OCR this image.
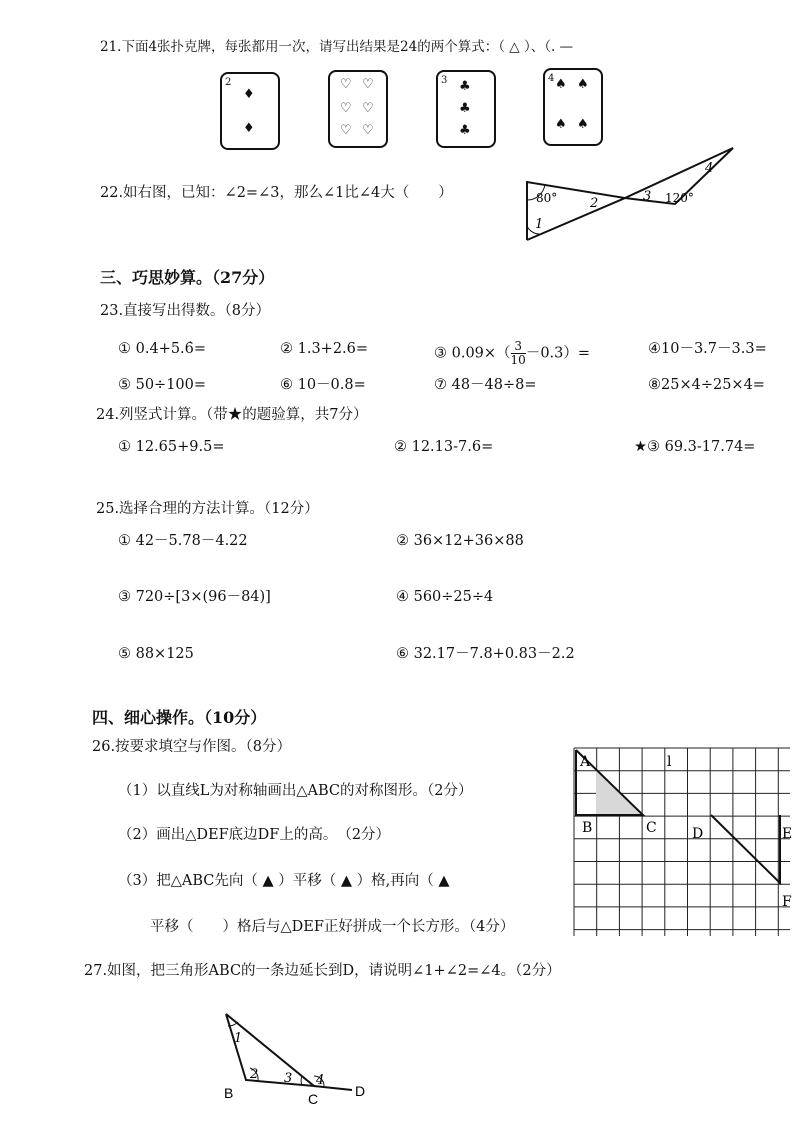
21.下面4张扑克牌，每张都用一次，请写出结果是24的两个算式：（ △ ）、（. —
2
♦
♦
♡ ♡
♡ ♡
♡ ♡
3 ♣
♣
♣
4 ♠ ♠
♠ ♠
22.如右图，已知：∠2=∠3，那么∠1比∠4大（　　）	80°	120°
1
2	3
4
三、巧思妙算。（27分）
23.直接写出得数。（8分）
① 0.4+5.6̇=	② 1.3+2.6=	③ $0.09\times( \frac{3}{10} -0.3)=$	④10－3.7－3.3=
⑤ 50÷100=	⑥ 10－0.8=	⑦ 48－48÷8=	⑧25×4÷25×4=
24.列竖式计算。（带★的题验算，共7分）
① 12.65+9.5=	② 12.13-7.6=	★③ 69.3-17.74=
25.选择合理的方法计算。（12分）
① 42－5.78－4.22	② 36×12+36×88
③ 720÷[3×(96－84)]	④ 560÷25÷4
⑤ 88×125	⑥ 32.17－7.8+0.83－2.2
四、细心操作。（10分）
26.按要求填空与作图。（8分）
（1）以直线L为对称轴画出△ABC的对称图形。（2分）
（2）画出△DEF底边DF上的高。　（2分）
（3）把△ABC先向（ ▲ ）平移（ ▲ ）格,再向（ ▲
平移（　　）格后与△DEF正好拼成一个长方形。（4分）
A
B	C	D	E
F
l
27.如图，把三角形ABC的一条边延长到D，请说明∠1+∠2=∠4。（2分）
1
2 3 4
B	C	D
